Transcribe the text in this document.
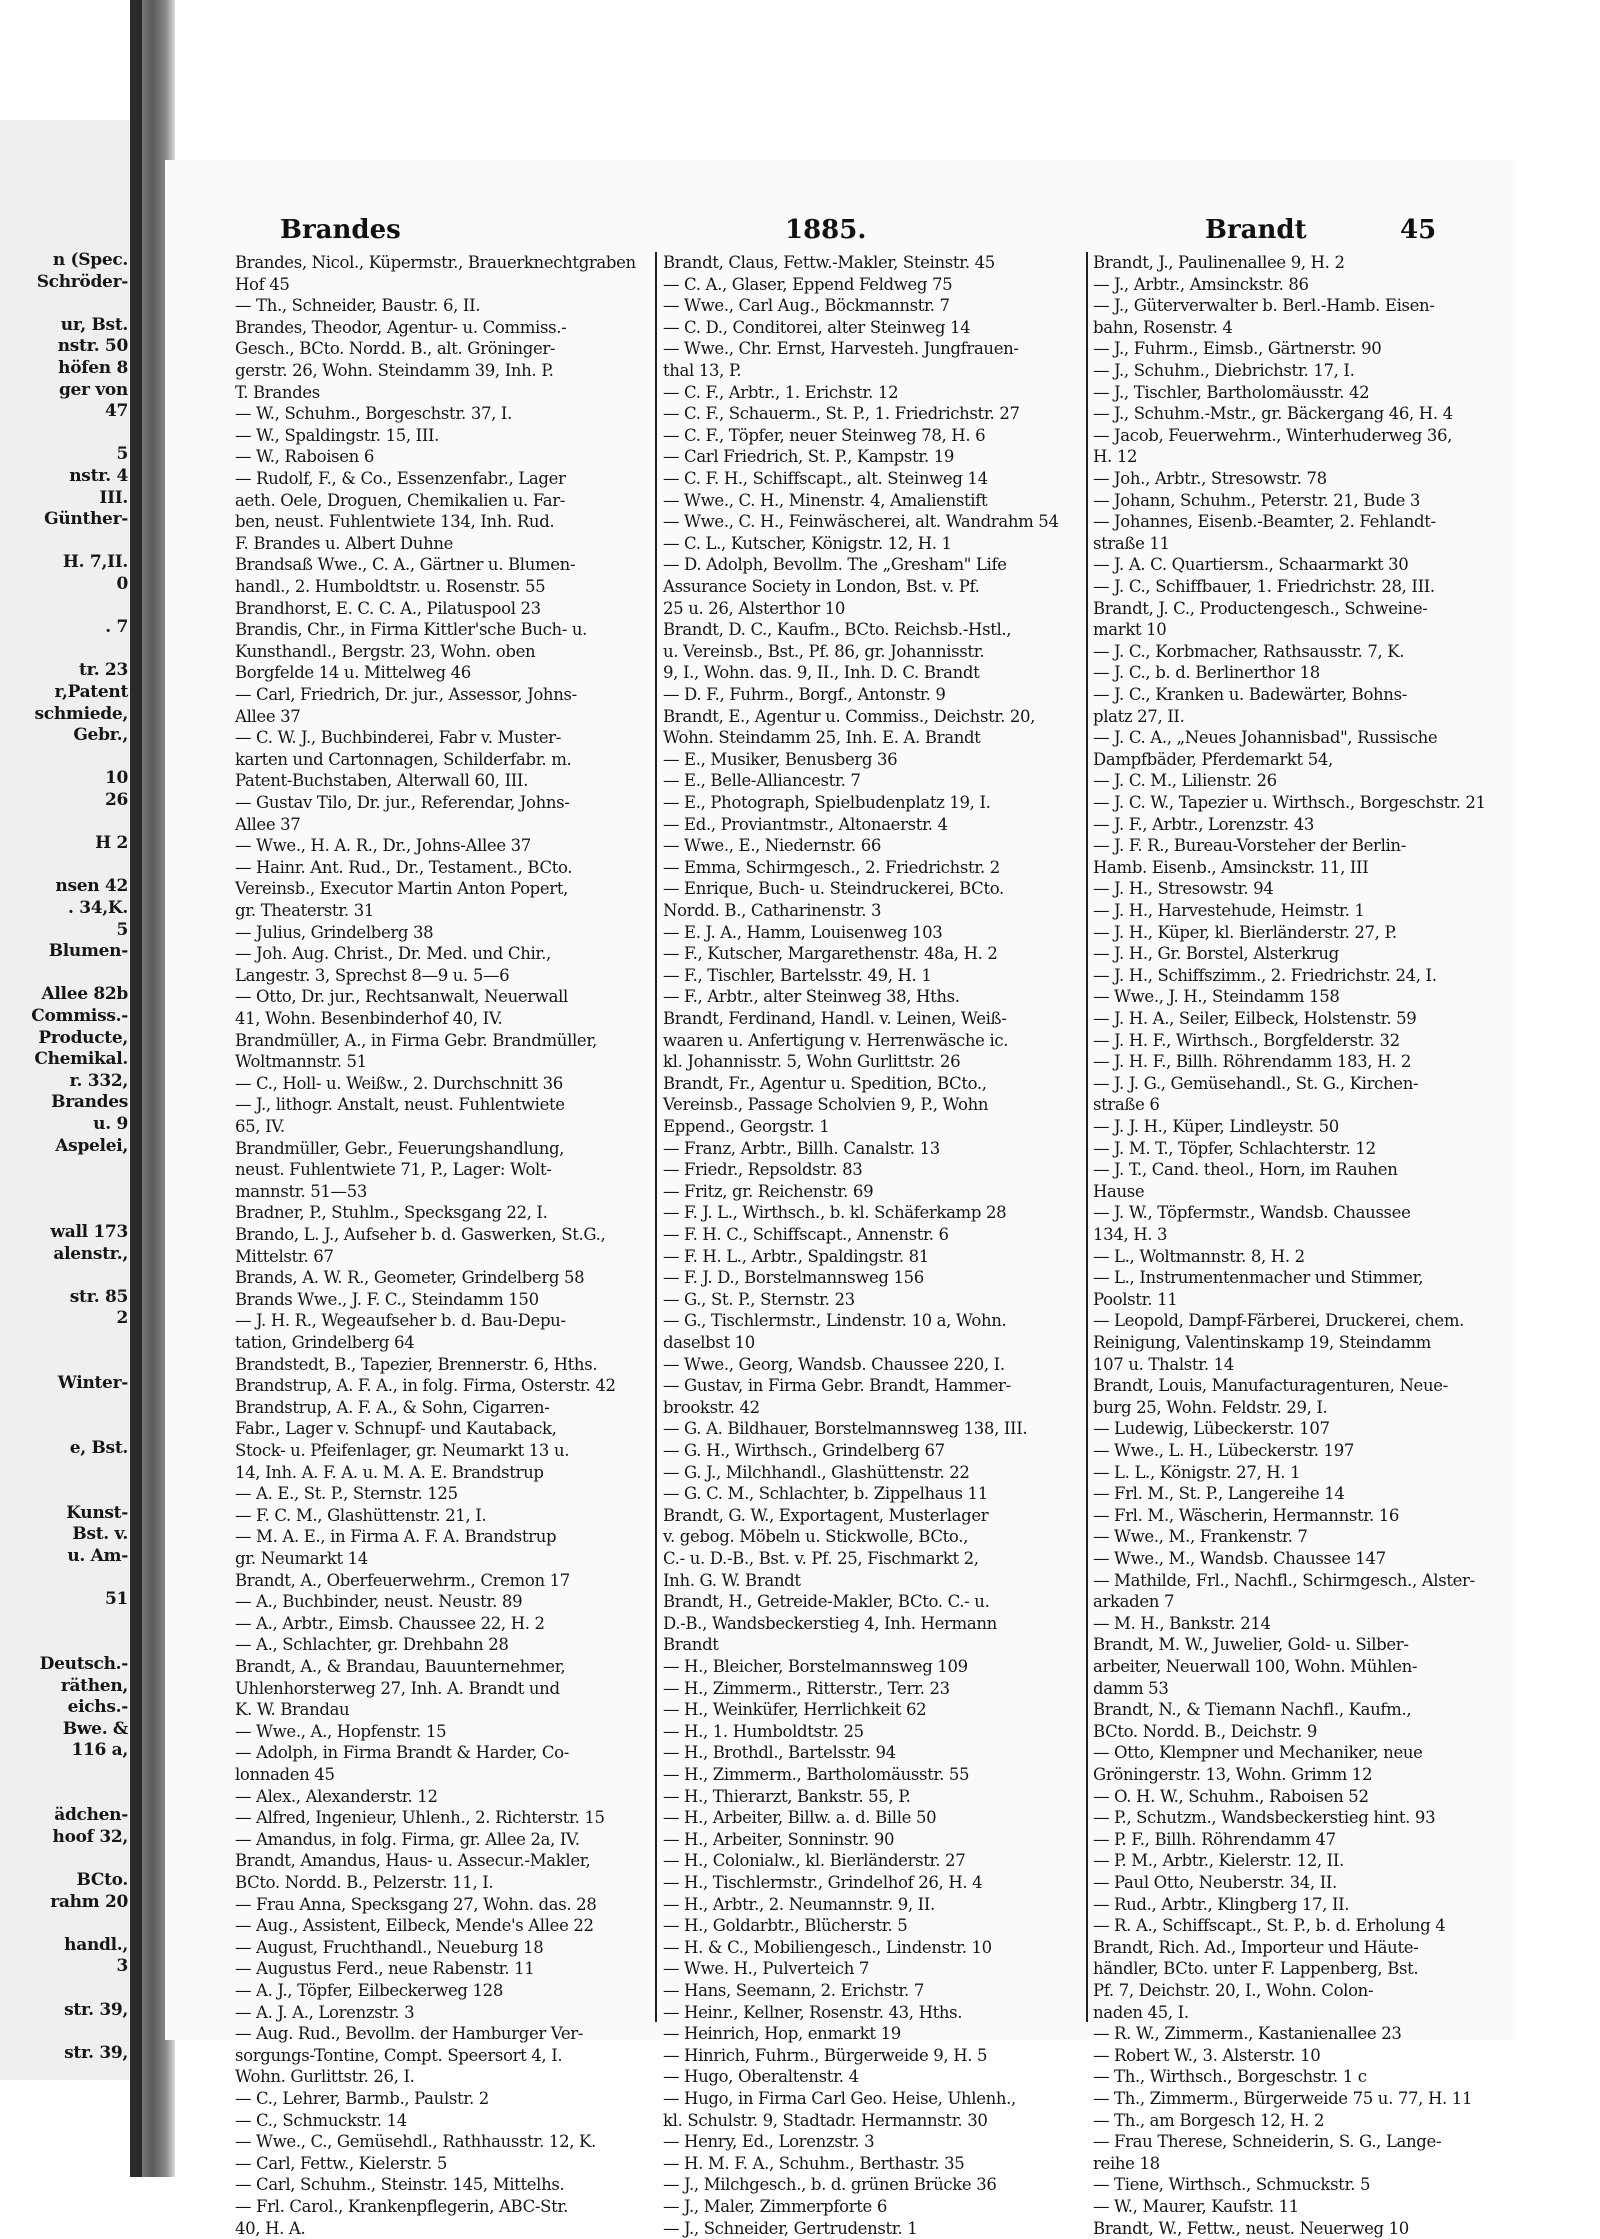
n (Spec.
Schröder-
ur, Bst.
nstr. 50
höfen 8
ger von
47
5
nstr. 4
III.
Günther-
H. 7,II.
0
. 7
tr. 23
r,Patent
schmiede,
Gebr.,
10
26
H 2
nsen 42
. 34,K.
5
Blumen-
Allee 82b
Commiss.-
Producte,
Chemikal.
r. 332,
Brandes
u. 9
Aspelei,
wall 173
alenstr.,
str. 85
2
Winter-
e, Bst.
Kunst-
Bst. v.
u. Am-
51
Deutsch.-
räthen,
eichs.-
Bwe. &
116 a,
ädchen-
hoof 32,
BCto.
rahm 20
handl.,
3
str. 39,
str. 39,
Brandes	1885.	Brandt	45
Brandes, Nicol., Küpermstr., Brauerknechtgraben
Hof 45
— Th., Schneider, Baustr. 6, II.
Brandes, Theodor, Agentur- u. Commiss.-
Gesch., BCto. Nordd. B., alt. Gröninger-
gerstr. 26, Wohn. Steindamm 39, Inh. P.
T. Brandes
— W., Schuhm., Borgeschstr. 37, I.
— W., Spaldingstr. 15, III.
— W., Raboisen 6
— Rudolf, F., & Co., Essenzenfabr., Lager
aeth. Oele, Droguen, Chemikalien u. Far-
ben, neust. Fuhlentwiete 134, Inh. Rud.
F. Brandes u. Albert Duhne
Brandsaß Wwe., C. A., Gärtner u. Blumen-
handl., 2. Humboldtstr. u. Rosenstr. 55
Brandhorst, E. C. C. A., Pilatuspool 23
Brandis, Chr., in Firma Kittler'sche Buch- u.
Kunsthandl., Bergstr. 23, Wohn. oben
Borgfelde 14 u. Mittelweg 46
— Carl, Friedrich, Dr. jur., Assessor, Johns-
Allee 37
— C. W. J., Buchbinderei, Fabr v. Muster-
karten und Cartonnagen, Schilderfabr. m.
Patent-Buchstaben, Alterwall 60, III.
— Gustav Tilo, Dr. jur., Referendar, Johns-
Allee 37
— Wwe., H. A. R., Dr., Johns-Allee 37
— Hainr. Ant. Rud., Dr., Testament., BCto.
Vereinsb., Executor Martin Anton Popert,
gr. Theaterstr. 31
— Julius, Grindelberg 38
— Joh. Aug. Christ., Dr. Med. und Chir.,
Langestr. 3, Sprechst 8—9 u. 5—6
— Otto, Dr. jur., Rechtsanwalt, Neuerwall
41, Wohn. Besenbinderhof 40, IV.
Brandmüller, A., in Firma Gebr. Brandmüller,
Woltmannstr. 51
— C., Holl- u. Weißw., 2. Durchschnitt 36
— J., lithogr. Anstalt, neust. Fuhlentwiete
65, IV.
Brandmüller, Gebr., Feuerungshandlung,
neust. Fuhlentwiete 71, P., Lager: Wolt-
mannstr. 51—53
Bradner, P., Stuhlm., Specksgang 22, I.
Brando, L. J., Aufseher b. d. Gaswerken, St.G.,
Mittelstr. 67
Brands, A. W. R., Geometer, Grindelberg 58
Brands Wwe., J. F. C., Steindamm 150
— J. H. R., Wegeaufseher b. d. Bau-Depu-
tation, Grindelberg 64
Brandstedt, B., Tapezier, Brennerstr. 6, Hths.
Brandstrup, A. F. A., in folg. Firma, Osterstr. 42
Brandstrup, A. F. A., & Sohn, Cigarren-
Fabr., Lager v. Schnupf- und Kautaback,
Stock- u. Pfeifenlager, gr. Neumarkt 13 u.
14, Inh. A. F. A. u. M. A. E. Brandstrup
— A. E., St. P., Sternstr. 125
— F. C. M., Glashüttenstr. 21, I.
— M. A. E., in Firma A. F. A. Brandstrup
gr. Neumarkt 14
Brandt, A., Oberfeuerwehrm., Cremon 17
— A., Buchbinder, neust. Neustr. 89
— A., Arbtr., Eimsb. Chaussee 22, H. 2
— A., Schlachter, gr. Drehbahn 28
Brandt, A., & Brandau, Bauunternehmer,
Uhlenhorsterweg 27, Inh. A. Brandt und
K. W. Brandau
— Wwe., A., Hopfenstr. 15
— Adolph, in Firma Brandt & Harder, Co-
lonnaden 45
— Alex., Alexanderstr. 12
— Alfred, Ingenieur, Uhlenh., 2. Richterstr. 15
— Amandus, in folg. Firma, gr. Allee 2a, IV.
Brandt, Amandus, Haus- u. Assecur.-Makler,
BCto. Nordd. B., Pelzerstr. 11, I.
— Frau Anna, Specksgang 27, Wohn. das. 28
— Aug., Assistent, Eilbeck, Mende's Allee 22
— August, Fruchthandl., Neueburg 18
— Augustus Ferd., neue Rabenstr. 11
— A. J., Töpfer, Eilbeckerweg 128
— A. J. A., Lorenzstr. 3
— Aug. Rud., Bevollm. der Hamburger Ver-
sorgungs-Tontine, Compt. Speersort 4, I.
Wohn. Gurlittstr. 26, I.
— C., Lehrer, Barmb., Paulstr. 2
— C., Schmuckstr. 14
— Wwe., C., Gemüsehdl., Rathhausstr. 12, K.
— Carl, Fettw., Kielerstr. 5
— Carl, Schuhm., Steinstr. 145, Mittelhs.
— Frl. Carol., Krankenpflegerin, ABC-Str.
40, H. A.
Brandt, Claus, Fettw.-Makler, Steinstr. 45
— C. A., Glaser, Eppend Feldweg 75
— Wwe., Carl Aug., Böckmannstr. 7
— C. D., Conditorei, alter Steinweg 14
— Wwe., Chr. Ernst, Harvesteh. Jungfrauen-
thal 13, P.
— C. F., Arbtr., 1. Erichstr. 12
— C. F., Schauerm., St. P., 1. Friedrichstr. 27
— C. F., Töpfer, neuer Steinweg 78, H. 6
— Carl Friedrich, St. P., Kampstr. 19
— C. F. H., Schiffscapt., alt. Steinweg 14
— Wwe., C. H., Minenstr. 4, Amalienstift
— Wwe., C. H., Feinwäscherei, alt. Wandrahm 54
— C. L., Kutscher, Königstr. 12, H. 1
— D. Adolph, Bevollm. The „Gresham" Life
Assurance Society in London, Bst. v. Pf.
25 u. 26, Alsterthor 10
Brandt, D. C., Kaufm., BCto. Reichsb.-Hstl.,
u. Vereinsb., Bst., Pf. 86, gr. Johannisstr.
9, I., Wohn. das. 9, II., Inh. D. C. Brandt
— D. F., Fuhrm., Borgf., Antonstr. 9
Brandt, E., Agentur u. Commiss., Deichstr. 20,
Wohn. Steindamm 25, Inh. E. A. Brandt
— E., Musiker, Benusberg 36
— E., Belle-Alliancestr. 7
— E., Photograph, Spielbudenplatz 19, I.
— Ed., Proviantmstr., Altonaerstr. 4
— Wwe., E., Niedernstr. 66
— Emma, Schirmgesch., 2. Friedrichstr. 2
— Enrique, Buch- u. Steindruckerei, BCto.
Nordd. B., Catharinenstr. 3
— E. J. A., Hamm, Louisenweg 103
— F., Kutscher, Margarethenstr. 48a, H. 2
— F., Tischler, Bartelsstr. 49, H. 1
— F., Arbtr., alter Steinweg 38, Hths.
Brandt, Ferdinand, Handl. v. Leinen, Weiß-
waaren u. Anfertigung v. Herrenwäsche ic.
kl. Johannisstr. 5, Wohn Gurlittstr. 26
Brandt, Fr., Agentur u. Spedition, BCto.,
Vereinsb., Passage Scholvien 9, P., Wohn
Eppend., Georgstr. 1
— Franz, Arbtr., Billh. Canalstr. 13
— Friedr., Repsoldstr. 83
— Fritz, gr. Reichenstr. 69
— F. J. L., Wirthsch., b. kl. Schäferkamp 28
— F. H. C., Schiffscapt., Annenstr. 6
— F. H. L., Arbtr., Spaldingstr. 81
— F. J. D., Borstelmannsweg 156
— G., St. P., Sternstr. 23
— G., Tischlermstr., Lindenstr. 10 a, Wohn.
daselbst 10
— Wwe., Georg, Wandsb. Chaussee 220, I.
— Gustav, in Firma Gebr. Brandt, Hammer-
brookstr. 42
— G. A. Bildhauer, Borstelmannsweg 138, III.
— G. H., Wirthsch., Grindelberg 67
— G. J., Milchhandl., Glashüttenstr. 22
— G. C. M., Schlachter, b. Zippelhaus 11
Brandt, G. W., Exportagent, Musterlager
v. gebog. Möbeln u. Stickwolle, BCto.,
C.- u. D.-B., Bst. v. Pf. 25, Fischmarkt 2,
Inh. G. W. Brandt
Brandt, H., Getreide-Makler, BCto. C.- u.
D.-B., Wandsbeckerstieg 4, Inh. Hermann
Brandt
— H., Bleicher, Borstelmannsweg 109
— H., Zimmerm., Ritterstr., Terr. 23
— H., Weinküfer, Herrlichkeit 62
— H., 1. Humboldtstr. 25
— H., Brothdl., Bartelsstr. 94
— H., Zimmerm., Bartholomäusstr. 55
— H., Thierarzt, Bankstr. 55, P.
— H., Arbeiter, Billw. a. d. Bille 50
— H., Arbeiter, Sonninstr. 90
— H., Colonialw., kl. Bierländerstr. 27
— H., Tischlermstr., Grindelhof 26, H. 4
— H., Arbtr., 2. Neumannstr. 9, II.
— H., Goldarbtr., Blücherstr. 5
— H. & C., Mobiliengesch., Lindenstr. 10
— Wwe. H., Pulverteich 7
— Hans, Seemann, 2. Erichstr. 7
— Heinr., Kellner, Rosenstr. 43, Hths.
— Heinrich, Hop, enmarkt 19
— Hinrich, Fuhrm., Bürgerweide 9, H. 5
— Hugo, Oberaltenstr. 4
— Hugo, in Firma Carl Geo. Heise, Uhlenh.,
kl. Schulstr. 9, Stadtadr. Hermannstr. 30
— Henry, Ed., Lorenzstr. 3
— H. M. F. A., Schuhm., Berthastr. 35
— J., Milchgesch., b. d. grünen Brücke 36
— J., Maler, Zimmerpforte 6
— J., Schneider, Gertrudenstr. 1
Brandt, J., Paulinenallee 9, H. 2
— J., Arbtr., Amsinckstr. 86
— J., Güterverwalter b. Berl.-Hamb. Eisen-
bahn, Rosenstr. 4
— J., Fuhrm., Eimsb., Gärtnerstr. 90
— J., Schuhm., Diebrichstr. 17, I.
— J., Tischler, Bartholomäusstr. 42
— J., Schuhm.-Mstr., gr. Bäckergang 46, H. 4
— Jacob, Feuerwehrm., Winterhuderweg 36,
H. 12
— Joh., Arbtr., Stresowstr. 78
— Johann, Schuhm., Peterstr. 21, Bude 3
— Johannes, Eisenb.-Beamter, 2. Fehlandt-
straße 11
— J. A. C. Quartiersm., Schaarmarkt 30
— J. C., Schiffbauer, 1. Friedrichstr. 28, III.
Brandt, J. C., Productengesch., Schweine-
markt 10
— J. C., Korbmacher, Rathsausstr. 7, K.
— J. C., b. d. Berlinerthor 18
— J. C., Kranken u. Badewärter, Bohns-
platz 27, II.
— J. C. A., „Neues Johannisbad", Russische
Dampfbäder, Pferdemarkt 54,
— J. C. M., Lilienstr. 26
— J. C. W., Tapezier u. Wirthsch., Borgeschstr. 21
— J. F., Arbtr., Lorenzstr. 43
— J. F. R., Bureau-Vorsteher der Berlin-
Hamb. Eisenb., Amsinckstr. 11, III
— J. H., Stresowstr. 94
— J. H., Harvestehude, Heimstr. 1
— J. H., Küper, kl. Bierländerstr. 27, P.
— J. H., Gr. Borstel, Alsterkrug
— J. H., Schiffszimm., 2. Friedrichstr. 24, I.
— Wwe., J. H., Steindamm 158
— J. H. A., Seiler, Eilbeck, Holstenstr. 59
— J. H. F., Wirthsch., Borgfelderstr. 32
— J. H. F., Billh. Röhrendamm 183, H. 2
— J. J. G., Gemüsehandl., St. G., Kirchen-
straße 6
— J. J. H., Küper, Lindleystr. 50
— J. M. T., Töpfer, Schlachterstr. 12
— J. T., Cand. theol., Horn, im Rauhen
Hause
— J. W., Töpfermstr., Wandsb. Chaussee
134, H. 3
— L., Woltmannstr. 8, H. 2
— L., Instrumentenmacher und Stimmer,
Poolstr. 11
— Leopold, Dampf-Färberei, Druckerei, chem.
Reinigung, Valentinskamp 19, Steindamm
107 u. Thalstr. 14
Brandt, Louis, Manufacturagenturen, Neue-
burg 25, Wohn. Feldstr. 29, I.
— Ludewig, Lübeckerstr. 107
— Wwe., L. H., Lübeckerstr. 197
— L. L., Königstr. 27, H. 1
— Frl. M., St. P., Langereihe 14
— Frl. M., Wäscherin, Hermannstr. 16
— Wwe., M., Frankenstr. 7
— Wwe., M., Wandsb. Chaussee 147
— Mathilde, Frl., Nachfl., Schirmgesch., Alster-
arkaden 7
— M. H., Bankstr. 214
Brandt, M. W., Juwelier, Gold- u. Silber-
arbeiter, Neuerwall 100, Wohn. Mühlen-
damm 53
Brandt, N., & Tiemann Nachfl., Kaufm.,
BCto. Nordd. B., Deichstr. 9
— Otto, Klempner und Mechaniker, neue
Gröningerstr. 13, Wohn. Grimm 12
— O. H. W., Schuhm., Raboisen 52
— P., Schutzm., Wandsbeckerstieg hint. 93
— P. F., Billh. Röhrendamm 47
— P. M., Arbtr., Kielerstr. 12, II.
— Paul Otto, Neuberstr. 34, II.
— Rud., Arbtr., Klingberg 17, II.
— R. A., Schiffscapt., St. P., b. d. Erholung 4
Brandt, Rich. Ad., Importeur und Häute-
händler, BCto. unter F. Lappenberg, Bst.
Pf. 7, Deichstr. 20, I., Wohn. Colon-
naden 45, I.
— R. W., Zimmerm., Kastanienallee 23
— Robert W., 3. Alsterstr. 10
— Th., Wirthsch., Borgeschstr. 1 c
— Th., Zimmerm., Bürgerweide 75 u. 77, H. 11
— Th., am Borgesch 12, H. 2
— Frau Therese, Schneiderin, S. G., Lange-
reihe 18
— Tiene, Wirthsch., Schmuckstr. 5
— W., Maurer, Kaufstr. 11
Brandt, W., Fettw., neust. Neuerweg 10
